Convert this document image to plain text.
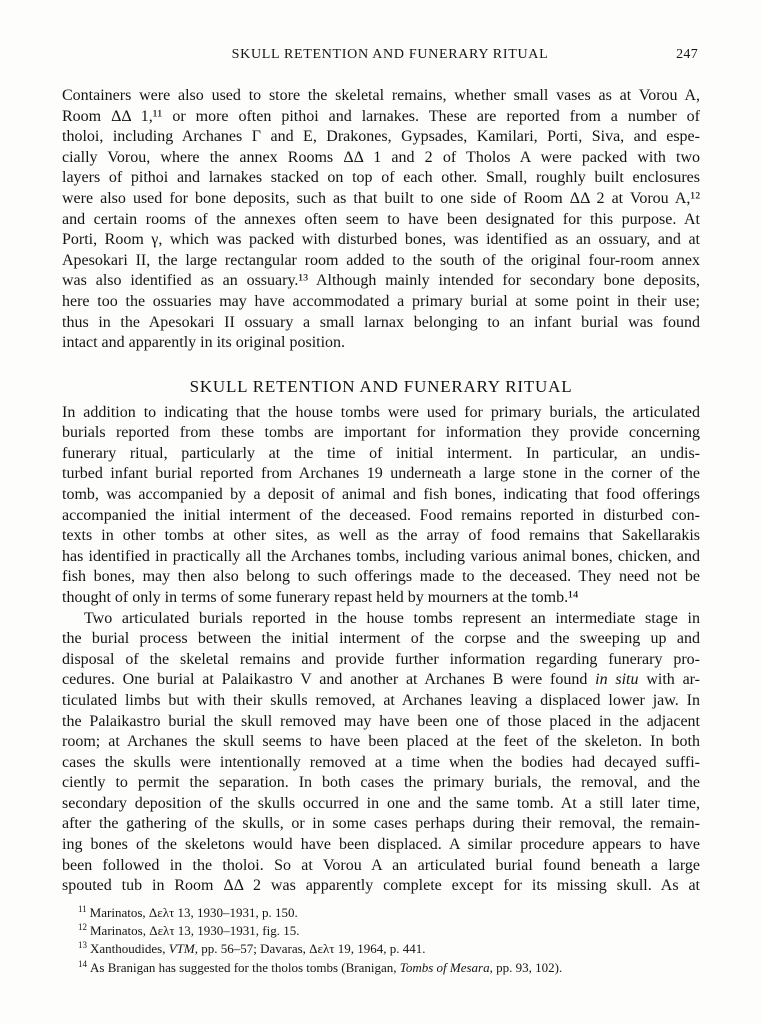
SKULL RETENTION AND FUNERARY RITUAL	247
Containers were also used to store the skeletal remains, whether small vases as at Vorou A,
Room ΔΔ 1,¹¹ or more often pithoi and larnakes. These are reported from a number of
tholoi, including Archanes Γ and E, Drakones, Gypsades, Kamilari, Porti, Siva, and espe-
cially Vorou, where the annex Rooms ΔΔ 1 and 2 of Tholos A were packed with two
layers of pithoi and larnakes stacked on top of each other. Small, roughly built enclosures
were also used for bone deposits, such as that built to one side of Room ΔΔ 2 at Vorou A,¹²
and certain rooms of the annexes often seem to have been designated for this purpose. At
Porti, Room γ, which was packed with disturbed bones, was identified as an ossuary, and at
Apesokari II, the large rectangular room added to the south of the original four-room annex
was also identified as an ossuary.¹³ Although mainly intended for secondary bone deposits,
here too the ossuaries may have accommodated a primary burial at some point in their use;
thus in the Apesokari II ossuary a small larnax belonging to an infant burial was found
intact and apparently in its original position.
SKULL RETENTION AND FUNERARY RITUAL
In addition to indicating that the house tombs were used for primary burials, the articulated
burials reported from these tombs are important for information they provide concerning
funerary ritual, particularly at the time of initial interment. In particular, an undis-
turbed infant burial reported from Archanes 19 underneath a large stone in the corner of the
tomb, was accompanied by a deposit of animal and fish bones, indicating that food offerings
accompanied the initial interment of the deceased. Food remains reported in disturbed con-
texts in other tombs at other sites, as well as the array of food remains that Sakellarakis
has identified in practically all the Archanes tombs, including various animal bones, chicken, and
fish bones, may then also belong to such offerings made to the deceased. They need not be
thought of only in terms of some funerary repast held by mourners at the tomb.¹⁴
Two articulated burials reported in the house tombs represent an intermediate stage in
the burial process between the initial interment of the corpse and the sweeping up and
disposal of the skeletal remains and provide further information regarding funerary pro-
cedures. One burial at Palaikastro V and another at Archanes B were found in situ with ar-
ticulated limbs but with their skulls removed, at Archanes leaving a displaced lower jaw. In
the Palaikastro burial the skull removed may have been one of those placed in the adjacent
room; at Archanes the skull seems to have been placed at the feet of the skeleton. In both
cases the skulls were intentionally removed at a time when the bodies had decayed suffi-
ciently to permit the separation. In both cases the primary burials, the removal, and the
secondary deposition of the skulls occurred in one and the same tomb. At a still later time,
after the gathering of the skulls, or in some cases perhaps during their removal, the remain-
ing bones of the skeletons would have been displaced. A similar procedure appears to have
been followed in the tholoi. So at Vorou A an articulated burial found beneath a large
spouted tub in Room ΔΔ 2 was apparently complete except for its missing skull. As at
$^{11}$ Marinatos, Δελτ 13, 1930–1931, p. 150.
$^{12}$ Marinatos, Δελτ 13, 1930–1931, fig. 15.
$^{13}$ Xanthoudides, VTM, pp. 56–57; Davaras, Δελτ 19, 1964, p. 441.
$^{14}$ As Branigan has suggested for the tholos tombs (Branigan, Tombs of Mesara, pp. 93, 102).
